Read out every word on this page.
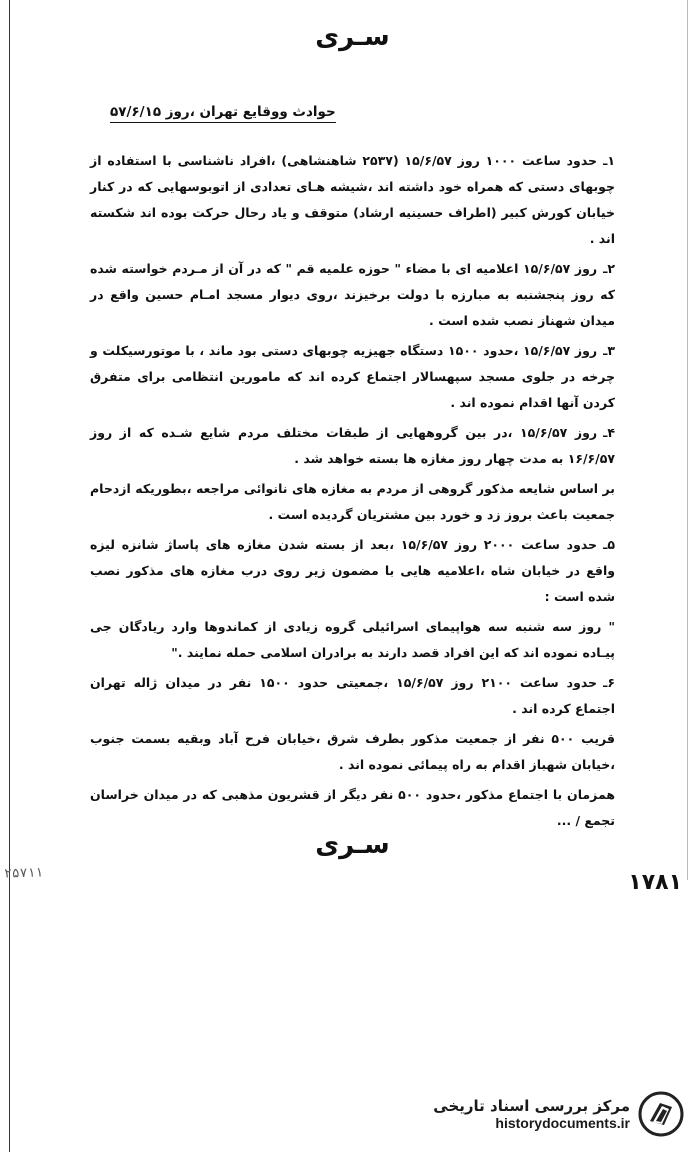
۲۵۷۱۱
سـرى
حوادث ووقایع تهران ،روز ۵۷/۶/۱۵

۱ـحدود ساعت ۱۰۰۰ روز ۱۵/۶/۵۷ (۲۵۳۷ شاهنشاهی) ،افراد ناشناسی با استفاده از چوبهای دستی که همراه خود داشته اند ،شیشه هـای تعدادی از اتوبوسهایی که در کنار خیابان کورش کبیر (اطراف حسینیه ارشاد) متوقف و یاد رحال حرکت بوده اند شکسته اند .

۲ـروز ۱۵/۶/۵۷ اعلامیه ای با مضاء " حوزه علمیه قم " که در آن از مـردم خواسته شده که روز پنجشنبه به مبارزه با دولت برخیزند ،روی دیوار مسجد امـام حسین واقع در میدان شهناز نصب شده است .

۳ـروز ۱۵/۶/۵۷ ،حدود ۱۵۰۰ دستگاه جهیزیه چوبهای دستی بود ماند ، با موتورسیکلت و چرخه در جلوی مسجد سپهسالار اجتماع کرده اند که مامورین انتظامی برای متفرق کردن آنها اقدام نموده اند .

۴ـروز ۱۵/۶/۵۷ ،در بین گروههایی از طبقات مختلف مردم شایع شـده که از روز ۱۶/۶/۵۷ به مدت چهار روز مغازه ها بسته خواهد شد .

بر اساس شایعه مذکور گروهی از مردم به مغازه های نانوائی مراجعه ،بطوریکه ازدحام جمعیت باعث بروز زد و خورد بین مشتریان گردیده است .

۵ـحدود ساعت ۲۰۰۰ روز ۱۵/۶/۵۷ ،بعد از بسته شدن مغازه های پاساژ شانزه لیزه واقع در خیابان شاه ،اعلامیه هایی با مضمون زیر روی درب مغازه های مذکور نصب شده است :

" روز سه شنبه سه هواپیمای اسرائیلی گروه زیادی از کماندوها وارد ریادگان جی پیـاده نموده اند که این افراد قصد دارند به برادران اسلامی حمله نمایند ."

۶ـحدود ساعت ۲۱۰۰ روز ۱۵/۶/۵۷ ،جمعیتی حدود ۱۵۰۰ نفر در میدان ژاله تهران اجتماع کرده اند .

قریب ۵۰۰ نفر از جمعیت مذکور بطرف شرق ،خیابان فرح آباد وبقیه بسمت جنوب ،خیابان شهباز اقدام به راه پیمائی نموده اند .

همزمان با اجتماع مذکور ،حدود ۵۰۰ نفر دیگر از قشریون مذهبی که در میدان خراسان تجمع / ...

سـرى
۱۷۸۱
مرکز بررسی اسناد تاریخی
historydocuments.ir
